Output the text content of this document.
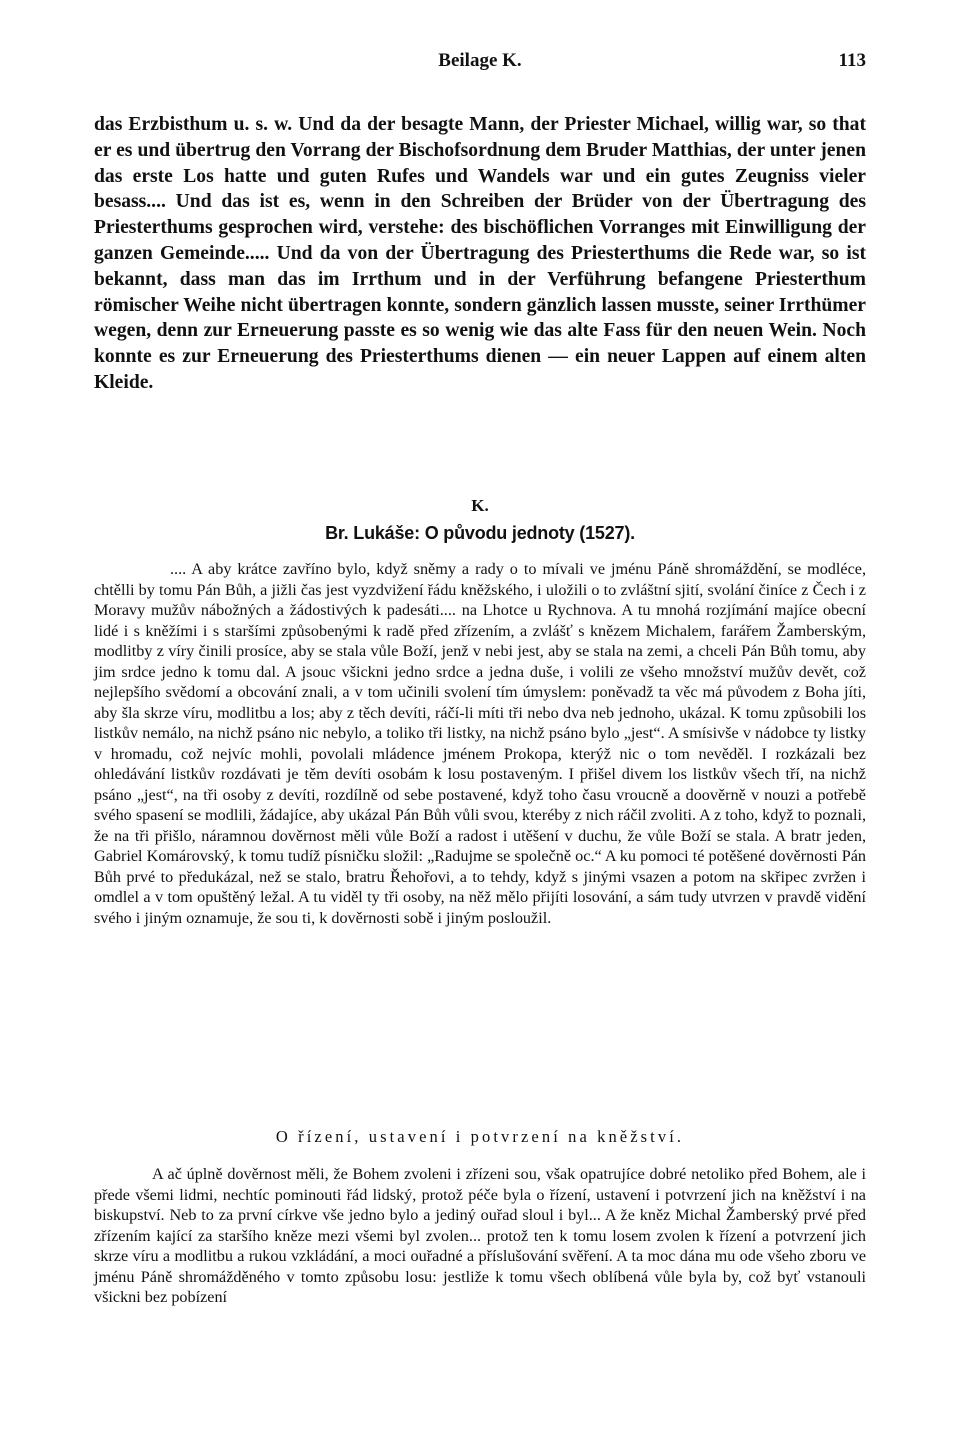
Beilage K.	113

das Erzbisthum u. s. w. Und da der besagte Mann, der Priester Michael, willig war, so that er es und übertrug den Vorrang der Bischofsordnung dem Bruder Matthias, der unter jenen das erste Los hatte und guten Rufes und Wandels war und ein gutes Zeugniss vieler besass.... Und das ist es, wenn in den Schreiben der Brüder von der Übertragung des Priesterthums gesprochen wird, verstehe: des bischöflichen Vorranges mit Einwilligung der ganzen Gemeinde..... Und da von der Übertragung des Priesterthums die Rede war, so ist bekannt, dass man das im Irrthum und in der Verführung befangene Priesterthum römischer Weihe nicht übertragen konnte, sondern gänzlich lassen musste, seiner Irrthümer wegen, denn zur Erneuerung passte es so wenig wie das alte Fass für den neuen Wein. Noch konnte es zur Erneuerung des Priesterthums dienen — ein neuer Lappen auf einem alten Kleide.

K.
Br. Lukáše: O původu jednoty (1527).

.... A aby krátce zavříno bylo, když sněmy a rady o to mívali ve jménu Páně shromáždění, se modléce, chtělli by tomu Pán Bůh, a jižli čas jest vyzdvižení řádu kněžského, i uložili o to zvláštní sjití, svolání činíce z Čech i z Moravy mužův nábožných a žádostivých k padesáti.... na Lhotce u Rychnova. A tu mnohá rozjímání majíce obecní lidé i s kněžími i s staršími způsobenými k radě před zřízením, a zvlášť s knězem Michalem, farářem Žamberským, modlitby z víry činili prosíce, aby se stala vůle Boží, jenž v nebi jest, aby se stala na zemi, a chceli Pán Bůh tomu, aby jim srdce jedno k tomu dal. A jsouc všickni jedno srdce a jedna duše, i volili ze všeho množství mužův devět, což nejlepšího svědomí a obcování znali, a v tom učinili svolení tím úmyslem: poněvadž ta věc má původem z Boha jíti, aby šla skrze víru, modlitbu a los; aby z těch devíti, ráčí-li míti tři nebo dva neb jednoho, ukázal. K tomu způsobili los listkův nemálo, na nichž psáno nic nebylo, a toliko tři listky, na nichž psáno bylo „jest“. A smísivše v nádobce ty listky v hromadu, což nejvíc mohli, povolali mládence jménem Prokopa, kterýž nic o tom nevěděl. I rozkázali bez ohledávání listkův rozdávati je těm devíti osobám k losu postaveným. I přišel divem los listkův všech tří, na nichž psáno „jest“, na tři osoby z devíti, rozdílně od sebe postavené, když toho času vroucně a doověrně v nouzi a potřebě svého spasení se modlili, žádajíce, aby ukázal Pán Bůh vůli svou, kteréby z nich ráčil zvoliti. A z toho, když to poznali, že na tři přišlo, náramnou dověrnost měli vůle Boží a radost i utěšení v duchu, že vůle Boží se stala. A bratr jeden, Gabriel Komárovský, k tomu tudíž písničku složil: „Radujme se společně oc.“ A ku pomoci té potěšené dověrnosti Pán Bůh prvé to předukázal, než se stalo, bratru Řehořovi, a to tehdy, když s jinými vsazen a potom na skřipec zvržen i omdlel a v tom opuštěný ležal. A tu viděl ty tři osoby, na něž mělo přijíti losování, a sám tudy utvrzen v pravdě vidění svého i jiným oznamuje, že sou ti, k dověrnosti sobě i jiným posloužil.

O řízení, ustavení i potvrzení na kněžství.

A ač úplně dověrnost měli, že Bohem zvoleni i zřízeni sou, však opatrujíce dobré netoliko před Bohem, ale i přede všemi lidmi, nechtíc pominouti řád lidský, protož péče byla o řízení, ustavení i potvrzení jich na kněžství i na biskupství. Neb to za první církve vše jedno bylo a jediný ouřad sloul i byl... A že kněz Michal Žamberský prvé před zřízením kající za staršího kněze mezi všemi byl zvolen... protož ten k tomu losem zvolen k řízení a potvrzení jich skrze víru a modlitbu a rukou vzkládání, a moci ouřadné a příslušování svěření. A ta moc dána mu ode všeho zboru ve jménu Páně shromážděného v tomto způsobu losu: jestliže k tomu všech oblíbená vůle byla by, což byť vstanouli všickni bez pobízení
